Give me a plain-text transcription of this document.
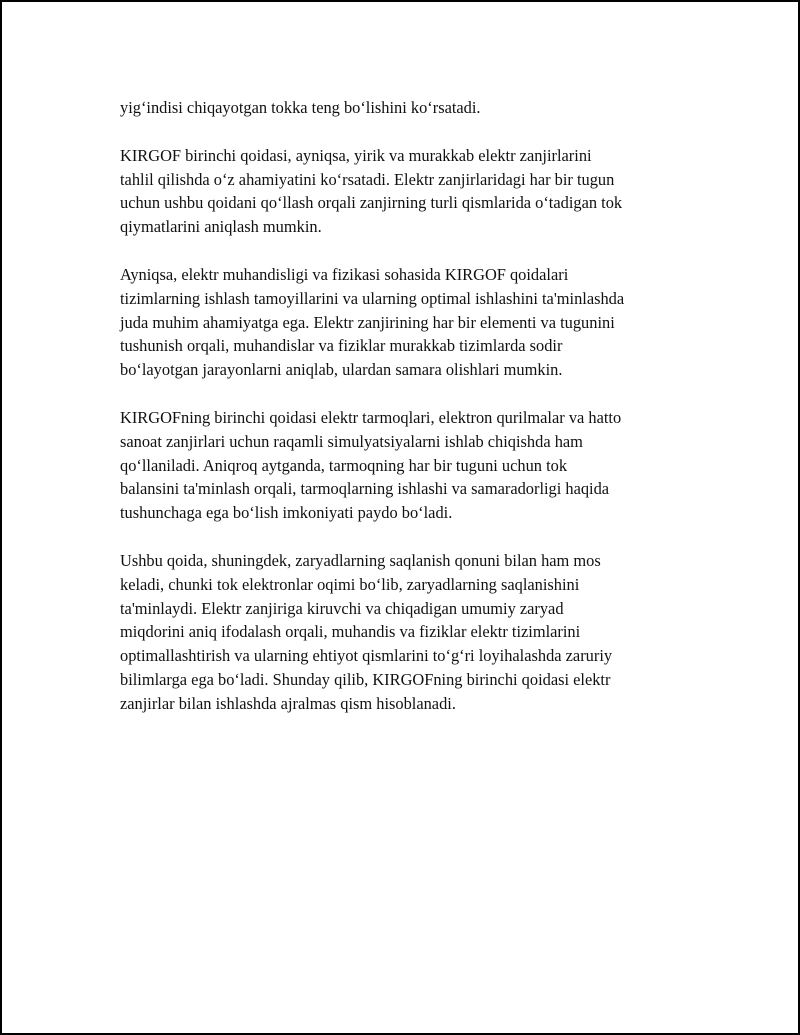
yig‘indisi chiqayotgan tokka teng bo‘lishini ko‘rsatadi.

KIRGOF birinchi qoidasi, ayniqsa, yirik va murakkab elektr zanjirlarini
tahlil qilishda o‘z ahamiyatini ko‘rsatadi. Elektr zanjirlaridagi har bir tugun
uchun ushbu qoidani qo‘llash orqali zanjirning turli qismlarida o‘tadigan tok
qiymatlarini aniqlash mumkin.

Ayniqsa, elektr muhandisligi va fizikasi sohasida KIRGOF qoidalari
tizimlarning ishlash tamoyillarini va ularning optimal ishlashini ta'minlashda
juda muhim ahamiyatga ega. Elektr zanjirining har bir elementi va tugunini
tushunish orqali, muhandislar va fiziklar murakkab tizimlarda sodir
bo‘layotgan jarayonlarni aniqlab, ulardan samara olishlari mumkin.

KIRGOFning birinchi qoidasi elektr tarmoqlari, elektron qurilmalar va hatto
sanoat zanjirlari uchun raqamli simulyatsiyalarni ishlab chiqishda ham
qo‘llaniladi. Aniqroq aytganda, tarmoqning har bir tuguni uchun tok
balansini ta'minlash orqali, tarmoqlarning ishlashi va samaradorligi haqida
tushunchaga ega bo‘lish imkoniyati paydo bo‘ladi.

Ushbu qoida, shuningdek, zaryadlarning saqlanish qonuni bilan ham mos
keladi, chunki tok elektronlar oqimi bo‘lib, zaryadlarning saqlanishini
ta'minlaydi. Elektr zanjiriga kiruvchi va chiqadigan umumiy zaryad
miqdorini aniq ifodalash orqali, muhandis va fiziklar elektr tizimlarini
optimallashtirish va ularning ehtiyot qismlarini to‘g‘ri loyihalashda zaruriy
bilimlarga ega bo‘ladi. Shunday qilib, KIRGOFning birinchi qoidasi elektr
zanjirlar bilan ishlashda ajralmas qism hisoblanadi.
